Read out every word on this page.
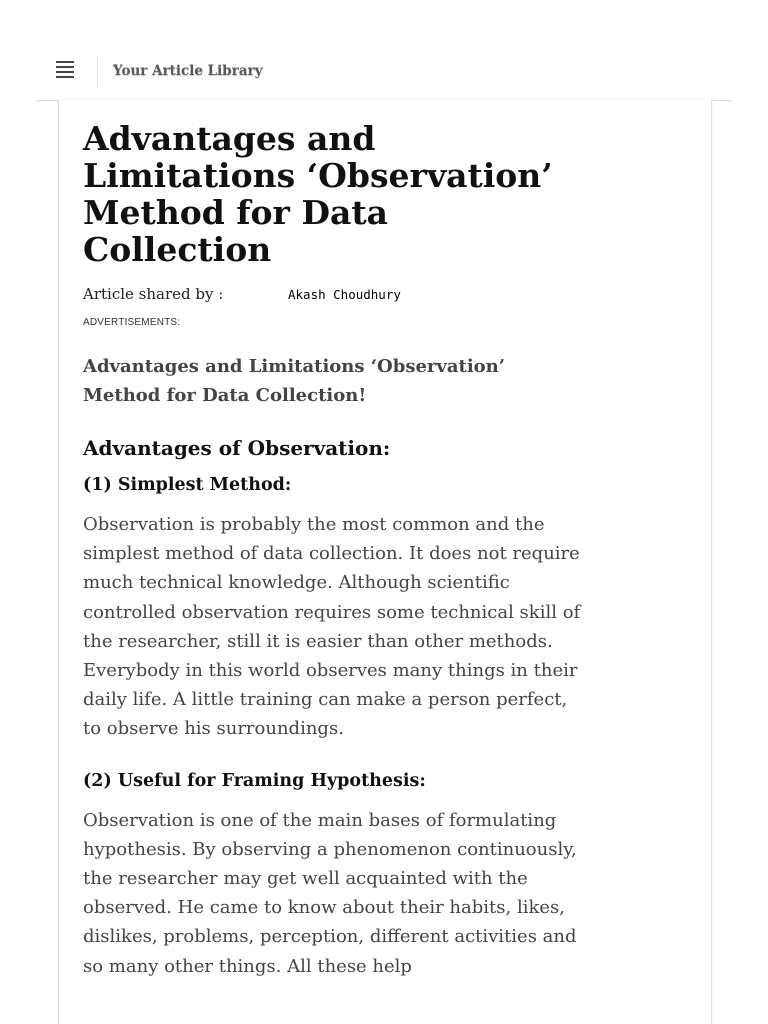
Your Article Library
Advantages and Limitations ‘Observation’ Method for Data Collection
Article shared by :	Akash Choudhury
ADVERTISEMENTS:
Advantages and Limitations ‘Observation’ Method for Data Collection!
Advantages of Observation:
(1) Simplest Method:

Observation is probably the most common and the simplest method of data collection. It does not require much technical knowledge. Although scientific controlled observation requires some technical skill of the researcher, still it is easier than other methods. Everybody in this world observes many things in their daily life. A little training can make a person perfect, to observe his surroundings.

(2) Useful for Framing Hypothesis:

Observation is one of the main bases of formulating hypothesis. By observing a phenomenon continuously, the researcher may get well acquainted with the observed. He came to know about their habits, likes, dislikes, problems, perception, different activities and so many other things. All these help
